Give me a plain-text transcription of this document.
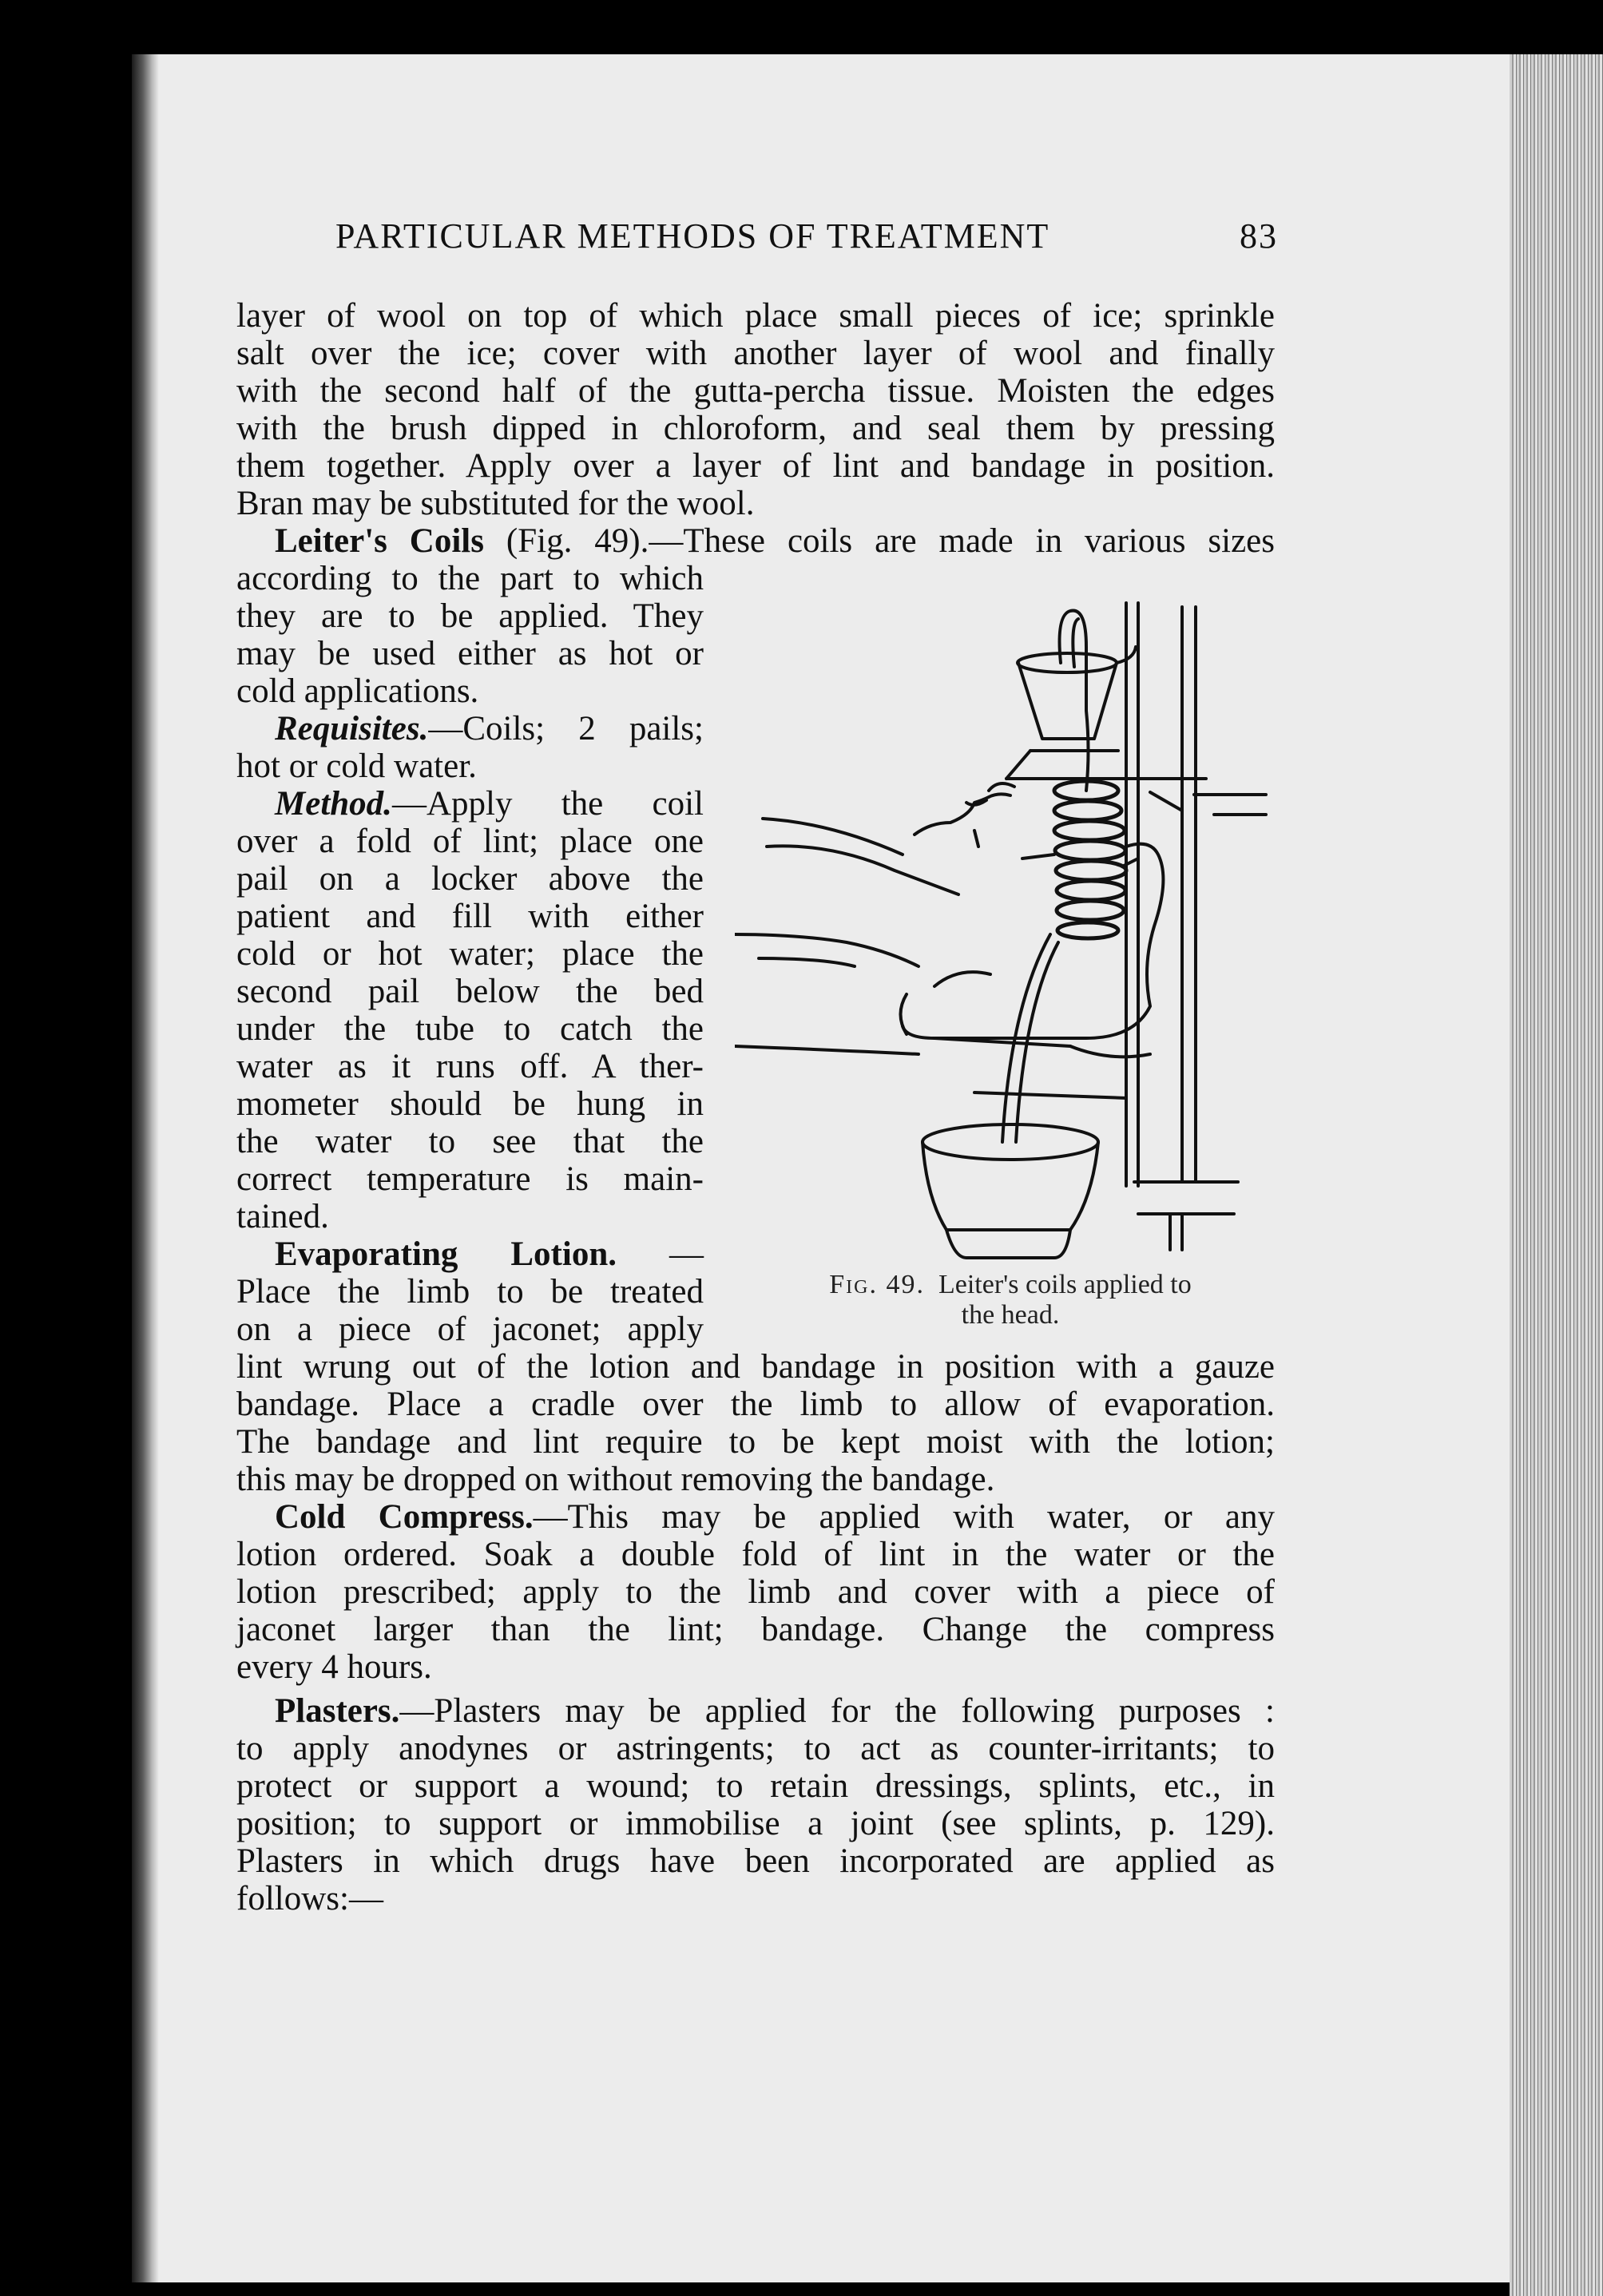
PARTICULAR METHODS OF TREATMENT	83
layer of wool on top of which place small pieces of ice; sprinkle
salt over the ice; cover with another layer of wool and finally
with the second half of the gutta-percha tissue. Moisten the edges
with the brush dipped in chloroform, and seal them by pressing
them together. Apply over a layer of lint and bandage in position.
Bran may be substituted for the wool.
Leiter's Coils (Fig. 49).—These coils are made in various sizes
according to the part to which
they are to be applied. They
may be used either as hot or
cold applications.
Requisites.—Coils; 2 pails;
hot or cold water.
Method.—Apply the coil
over a fold of lint; place one
pail on a locker above the
patient and fill with either
cold or hot water; place the
second pail below the bed
under the tube to catch the
water as it runs off. A ther-
mometer should be hung in
the water to see that the
correct temperature is main-
tained.
Evaporating Lotion. —
Place the limb to be treated
on a piece of jaconet; apply
Fig. 49. Leiter's coils applied to
the head.
lint wrung out of the lotion and bandage in position with a gauze
bandage. Place a cradle over the limb to allow of evaporation.
The bandage and lint require to be kept moist with the lotion;
this may be dropped on without removing the bandage.
Cold Compress.—This may be applied with water, or any
lotion ordered. Soak a double fold of lint in the water or the
lotion prescribed; apply to the limb and cover with a piece of
jaconet larger than the lint; bandage. Change the compress
every 4 hours.
Plasters.—Plasters may be applied for the following purposes :
to apply anodynes or astringents; to act as counter-irritants; to
protect or support a wound; to retain dressings, splints, etc., in
position; to support or immobilise a joint (see splints, p. 129).
Plasters in which drugs have been incorporated are applied as
follows:—
